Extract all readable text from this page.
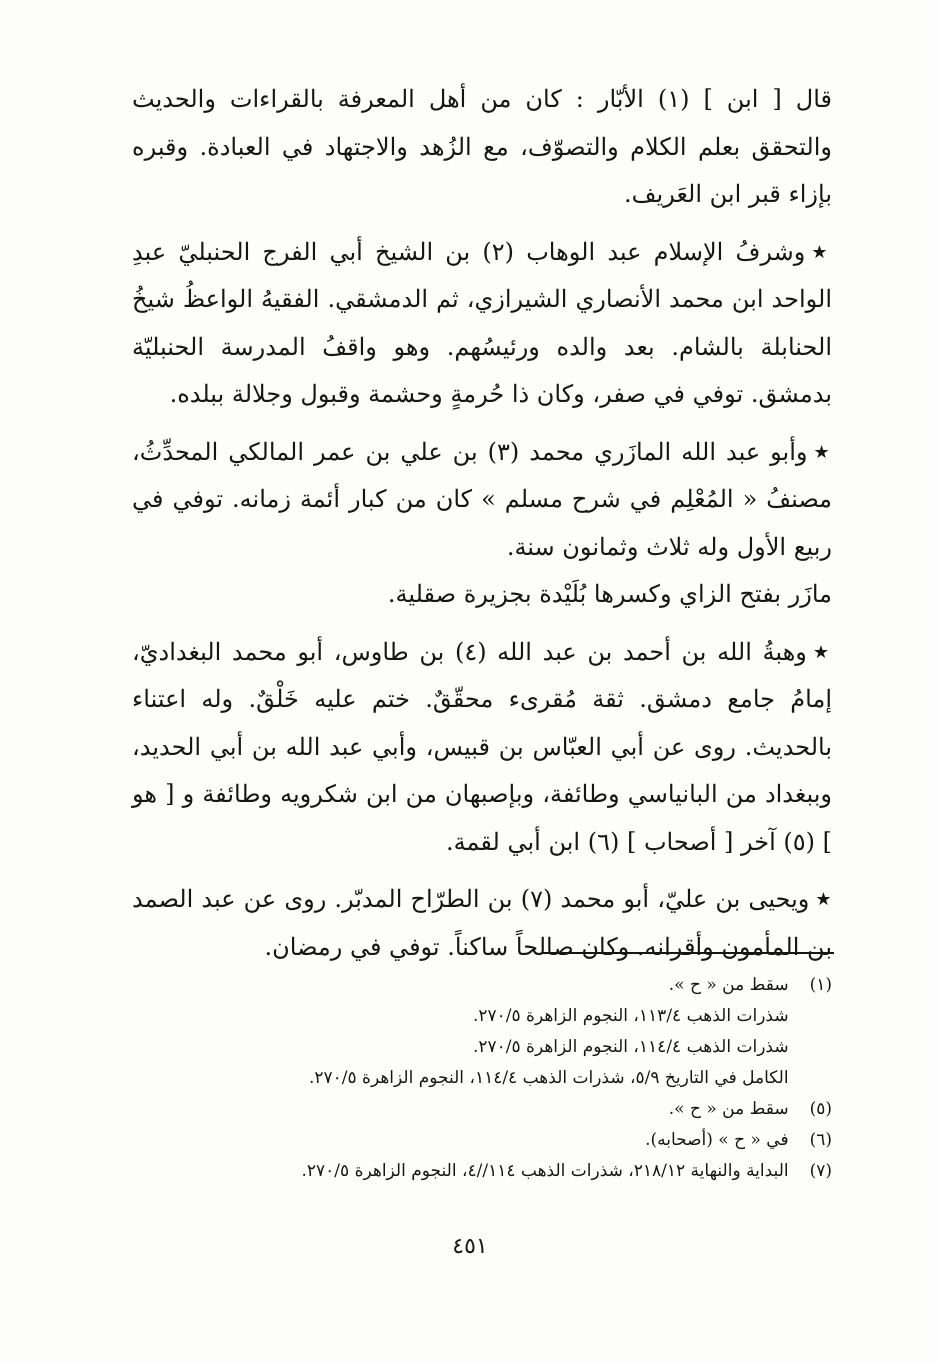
قال [ ابن ] (١) الأبّار : كان من أهل المعرفة بالقراءات والحديث والتحقق بعلم الكلام والتصوّف، مع الزُهد والاجتهاد في العبادة. وقبره بإزاء قبر ابن العَريف.

★وشرفُ الإسلام عبد الوهاب (٢) بن الشيخ أبي الفرج الحنبليّ عبدِ الواحد ابن محمد الأنصاري الشيرازي، ثم الدمشقي. الفقيهُ الواعظُ شيخُ الحنابلة بالشام. بعد والده ورئيسُهم. وهو واقفُ المدرسة الحنبليّة بدمشق. توفي في صفر، وكان ذا حُرمةٍ وحشمة وقبول وجلالة ببلده.

★وأبو عبد الله المازَري محمد (٣) بن علي بن عمر المالكي المحدِّثُ، مصنفُ « المُعْلِم في شرح مسلم » كان من كبار أئمة زمانه. توفي في ربيع الأول وله ثلاث وثمانون سنة.

مازَر بفتح الزاي وكسرها بُلَيْدة بجزيرة صقلية.

★وهبةُ الله بن أحمد بن عبد الله (٤) بن طاوس، أبو محمد البغداديّ، إمامُ جامع دمشق. ثقة مُقرىء محقّقٌ. ختم عليه خَلْقٌ. وله اعتناء بالحديث. روى عن أبي العبّاس بن قبيس، وأبي عبد الله بن أبي الحديد، وببغداد من البانياسي وطائفة، وبإصبهان من ابن شكرويه وطائفة و [ هو ] (٥) آخر [ أصحاب ] (٦) ابن أبي لقمة.

★ويحيى بن عليّ، أبو محمد (٧) بن الطرّاح المدبّر. روى عن عبد الصمد بن المأمون وأقرانه. وكان صالحاً ساكناً. توفي في رمضان.

(١) سقط من « ح ».
شذرات الذهب ١١٣/٤، النجوم الزاهرة ٢٧٠/٥.
شذرات الذهب ١١٤/٤، النجوم الزاهرة ٢٧٠/٥.
الكامل في التاريخ ٥/٩، شذرات الذهب ١١٤/٤، النجوم الزاهرة ٢٧٠/٥.
(٥) سقط من « ح ».
(٦) في « ح » (أصحابه).
(٧) البداية والنهاية ٢١٨/١٢، شذرات الذهب ١١٤//٤، النجوم الزاهرة ٢٧٠/٥.
٤٥١
